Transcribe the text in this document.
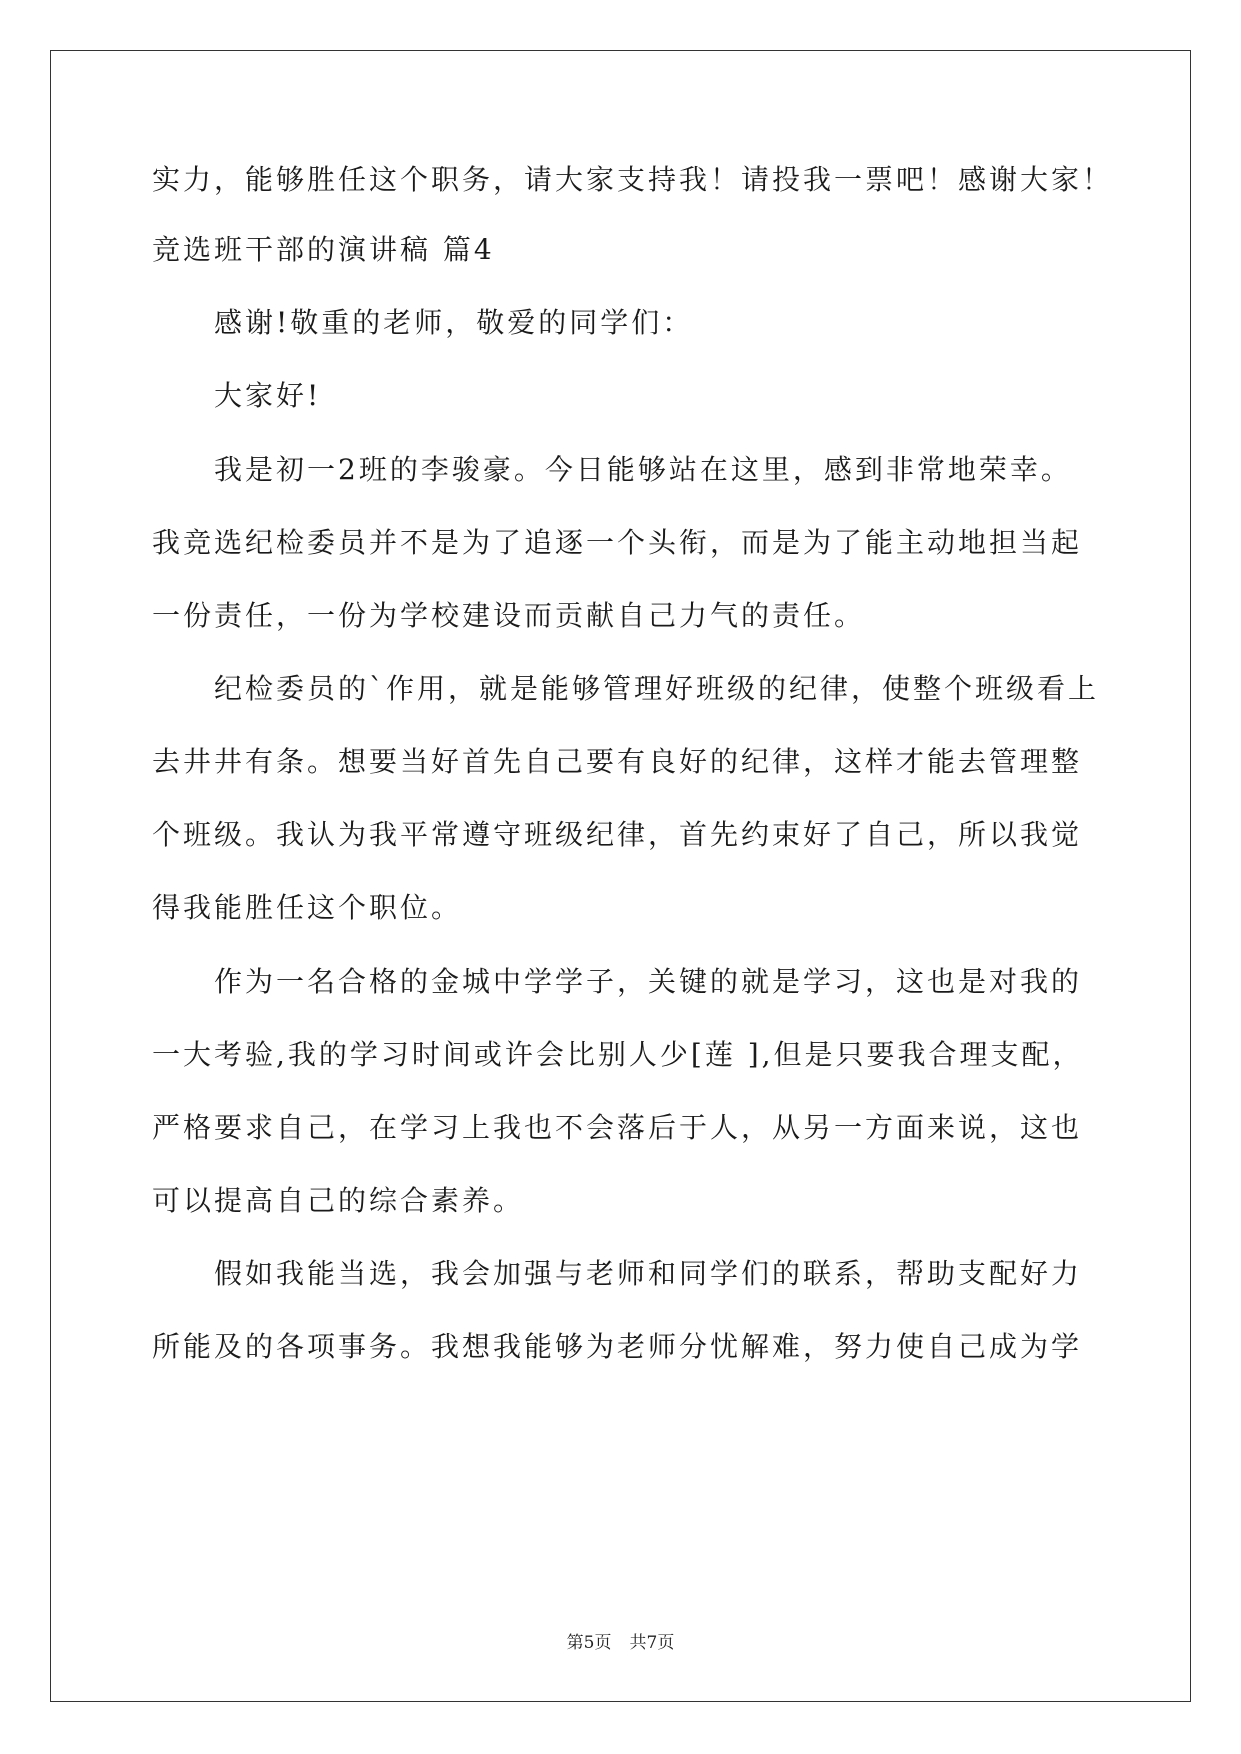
实力，能够胜任这个职务，请大家支持我！请投我一票吧！感谢大家！
竞选班干部的演讲稿 篇4
感谢!敬重的老师，敬爱的同学们：
大家好!
我是初一2班的李骏豪。今日能够站在这里，感到非常地荣幸。
我竞选纪检委员并不是为了追逐一个头衔，而是为了能主动地担当起
一份责任，一份为学校建设而贡献自己力气的责任。
纪检委员的`作用，就是能够管理好班级的纪律，使整个班级看上
去井井有条。想要当好首先自己要有良好的纪律，这样才能去管理整
个班级。我认为我平常遵守班级纪律，首先约束好了自己，所以我觉
得我能胜任这个职位。
作为一名合格的金城中学学子，关键的就是学习，这也是对我的
一大考验,我的学习时间或许会比别人少[莲 ],但是只要我合理支配，
严格要求自己，在学习上我也不会落后于人，从另一方面来说，这也
可以提高自己的综合素养。
假如我能当选，我会加强与老师和同学们的联系，帮助支配好力
所能及的各项事务。我想我能够为老师分忧解难，努力使自己成为学
第5页 共7页
